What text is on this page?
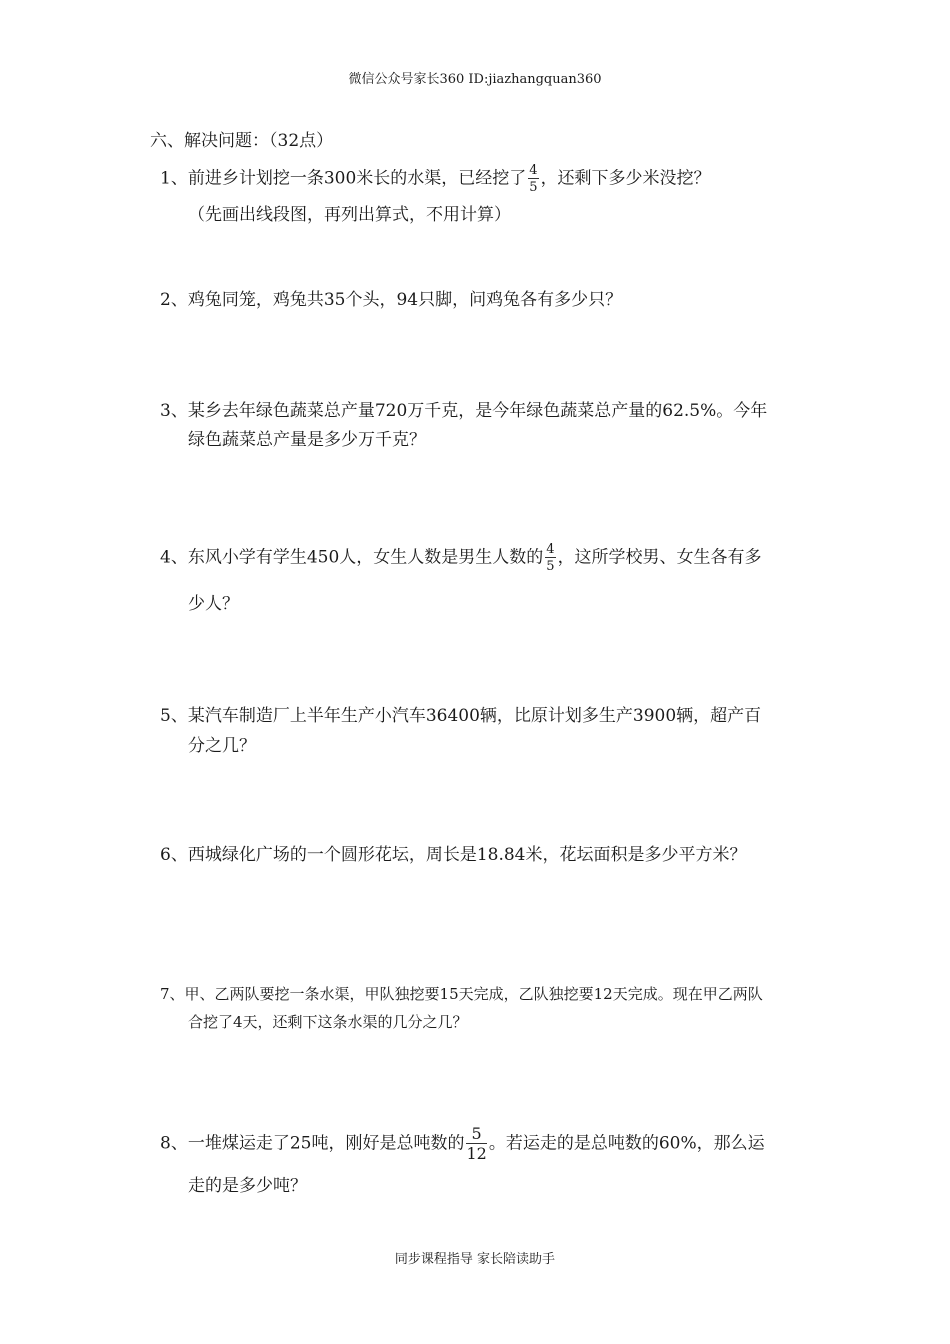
微信公众号家长360 ID:jiazhangquan360
六、解决问题：（32点）
1、前进乡计划挖一条300米长的水渠，已经挖了 $\frac{4}{5}$ ，还剩下多少米没挖？
（先画出线段图，再列出算式，不用计算）
2、鸡兔同笼，鸡兔共35个头，94只脚，问鸡兔各有多少只？
3、某乡去年绿色蔬菜总产量720万千克，是今年绿色蔬菜总产量的62.5%。今年
绿色蔬菜总产量是多少万千克？
4、东风小学有学生450人，女生人数是男生人数的 $\frac{4}{5}$ ，这所学校男、女生各有多
少人？
5、某汽车制造厂上半年生产小汽车36400辆，比原计划多生产3900辆，超产百
分之几？
6、西城绿化广场的一个圆形花坛，周长是18.84米，花坛面积是多少平方米？
7、甲、乙两队要挖一条水渠，甲队独挖要15天完成，乙队独挖要12天完成。现在甲乙两队
合挖了4天，还剩下这条水渠的几分之几？
8、一堆煤运走了25吨，刚好是总吨数的 $\frac{5}{12}$ 。若运走的是总吨数的60%，那么运
走的是多少吨？
同步课程指导 家长陪读助手
